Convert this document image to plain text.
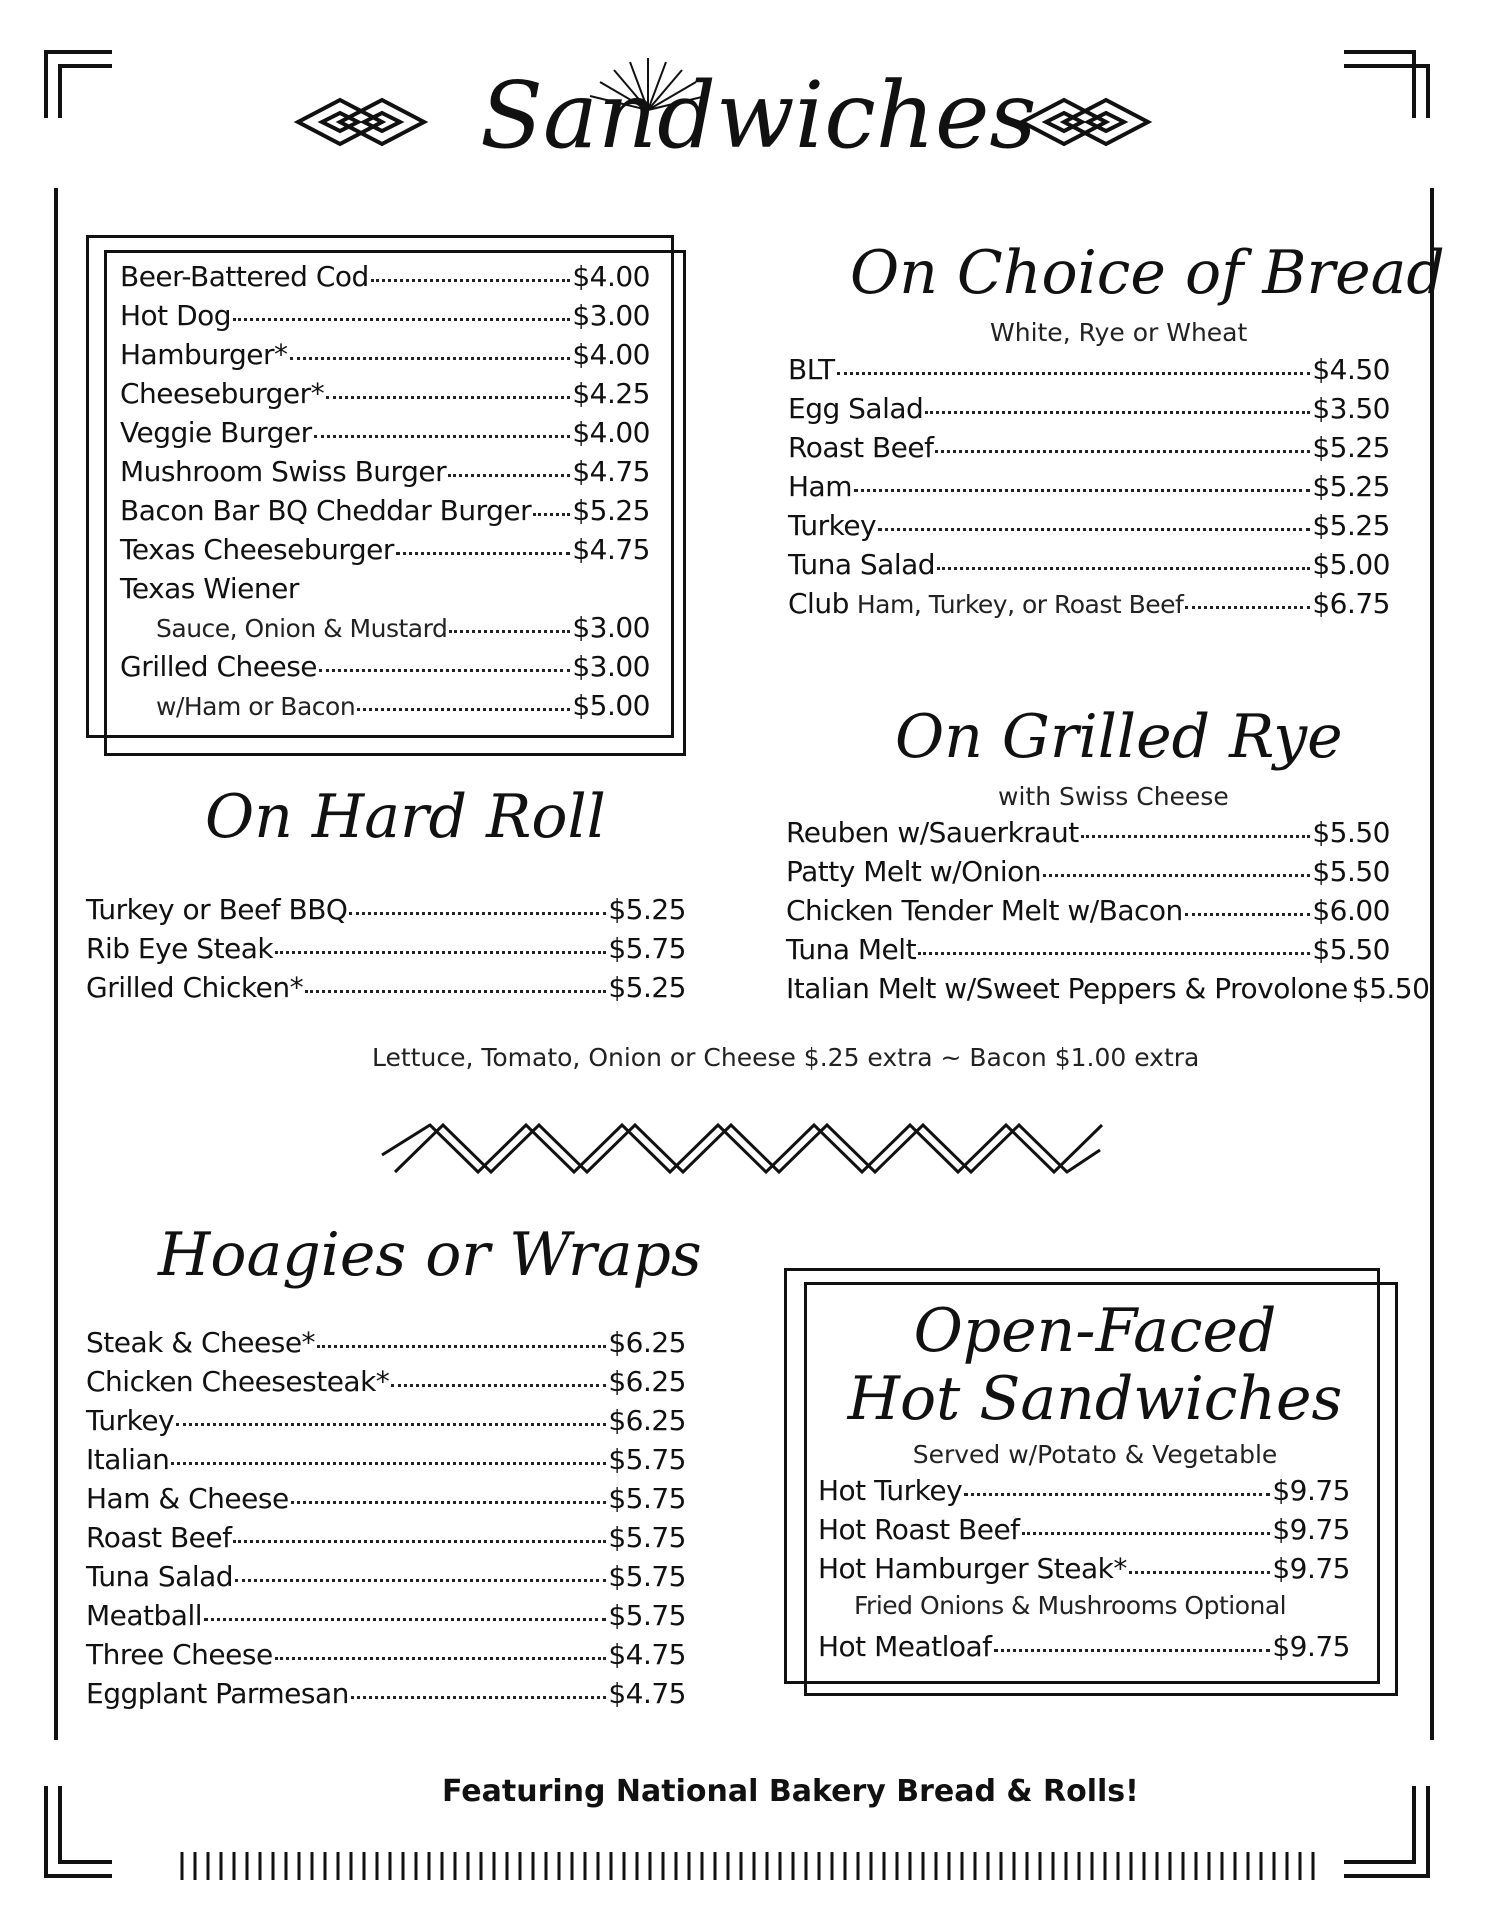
Sandwiches
Beer-Battered Cod	$4.00
Hot Dog	$3.00
Hamburger*	$4.00
Cheeseburger*	$4.25
Veggie Burger	$4.00
Mushroom Swiss Burger	$4.75
Bacon Bar BQ Cheddar Burger $5.25
Texas Cheeseburger	$4.75
Texas Wiener
Sauce, Onion & Mustard	$3.00
Grilled Cheese	$3.00
w/Ham or Bacon	$5.00
On Choice of Bread
White, Rye or Wheat
BLT	$4.50
Egg Salad	$3.50
Roast Beef	$5.25
Ham	$5.25
Turkey	$5.25
Tuna Salad	$5.00
Club Ham, Turkey, or Roast Beef	$6.75
On Grilled Rye
with Swiss Cheese
Reuben w/Sauerkraut	$5.50
Patty Melt w/Onion	$5.50
Chicken Tender Melt w/Bacon	$6.00
Tuna Melt	$5.50
Italian Melt w/Sweet Peppers & Provolone $5.50
On Hard Roll
Turkey or Beef BBQ	$5.25
Rib Eye Steak	$5.75
Grilled Chicken*	$5.25
Lettuce, Tomato, Onion or Cheese $.25 extra ~ Bacon $1.00 extra
Hoagies or Wraps
Steak & Cheese*	$6.25
Chicken Cheesesteak*	$6.25
Turkey	$6.25
Italian	$5.75
Ham & Cheese	$5.75
Roast Beef	$5.75
Tuna Salad	$5.75
Meatball	$5.75
Three Cheese	$4.75
Eggplant Parmesan	$4.75
Open-Faced
Hot Sandwiches
Served w/Potato & Vegetable
Hot Turkey	$9.75
Hot Roast Beef	$9.75
Hot Hamburger Steak*	$9.75
Fried Onions & Mushrooms Optional
Hot Meatloaf	$9.75
Featuring National Bakery Bread & Rolls!
